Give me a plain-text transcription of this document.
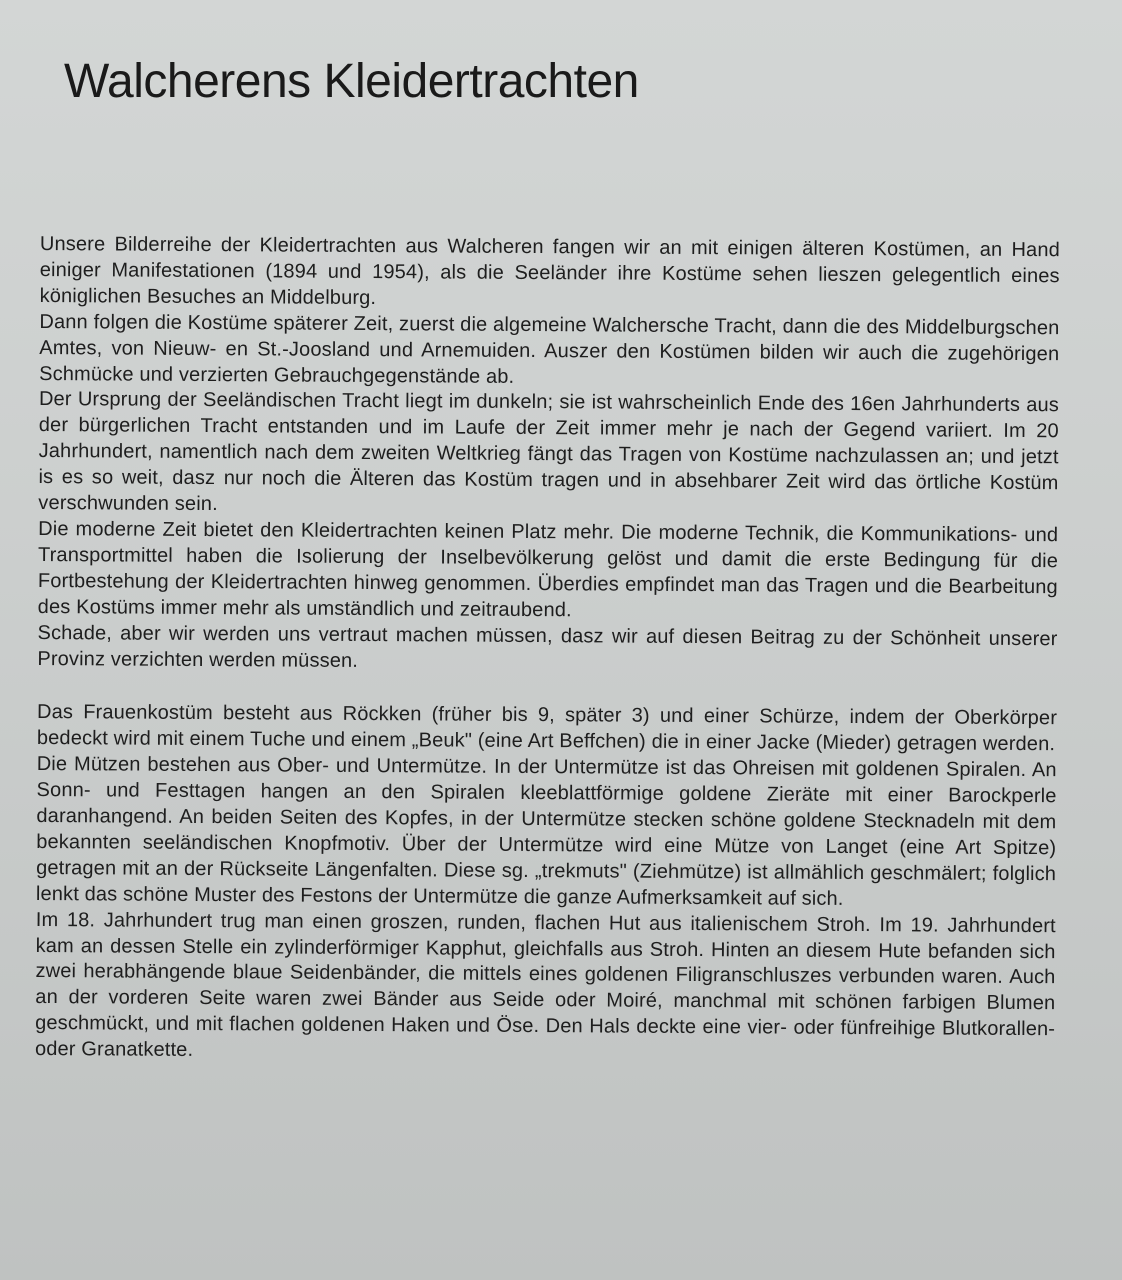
Walcherens Kleidertrachten

Unsere Bilderreihe der Kleidertrachten aus Walcheren fangen wir an mit einigen älteren Kostümen, an Hand einiger Manifestationen (1894 und 1954), als die Seeländer ihre Kostüme sehen lieszen gelegentlich eines königlichen Besuches an Middelburg.

Dann folgen die Kostüme späterer Zeit, zuerst die algemeine Walchersche Tracht, dann die des Middelburgschen Amtes, von Nieuw- en St.-Joosland und Arnemuiden. Auszer den Kostümen bilden wir auch die zugehörigen Schmücke und verzierten Gebrauchgegenstände ab.

Der Ursprung der Seeländischen Tracht liegt im dunkeln; sie ist wahrscheinlich Ende des 16en Jahrhunderts aus der bürgerlichen Tracht entstanden und im Laufe der Zeit immer mehr je nach der Gegend variiert. Im 20 Jahrhundert, namentlich nach dem zweiten Weltkrieg fängt das Tragen von Kostüme nachzulassen an; und jetzt is es so weit, dasz nur noch die Älteren das Kostüm tragen und in absehbarer Zeit wird das örtliche Kostüm verschwunden sein.

Die moderne Zeit bietet den Kleidertrachten keinen Platz mehr. Die moderne Technik, die Kommunikations- und Transportmittel haben die Isolierung der Inselbevölkerung gelöst und damit die erste Bedingung für die Fortbestehung der Kleidertrachten hinweg genommen. Überdies empfindet man das Tragen und die Bearbeitung des Kostüms immer mehr als umständlich und zeitraubend.

Schade, aber wir werden uns vertraut machen müssen, dasz wir auf diesen Beitrag zu der Schönheit unserer Provinz verzichten werden müssen.

Das Frauenkostüm besteht aus Röckken (früher bis 9, später 3) und einer Schürze, indem der Oberkörper bedeckt wird mit einem Tuche und einem „Beuk" (eine Art Beffchen) die in einer Jacke (Mieder) getragen werden.

Die Mützen bestehen aus Ober- und Untermütze. In der Untermütze ist das Ohreisen mit goldenen Spiralen. An Sonn- und Festtagen hangen an den Spiralen kleeblattförmige goldene Zieräte mit einer Barockperle daranhangend. An beiden Seiten des Kopfes, in der Untermütze stecken schöne goldene Stecknadeln mit dem bekannten seeländischen Knopfmotiv. Über der Untermütze wird eine Mütze von Langet (eine Art Spitze) getragen mit an der Rückseite Längenfalten. Diese sg. „trekmuts" (Ziehmütze) ist allmählich geschmälert; folglich lenkt das schöne Muster des Festons der Untermütze die ganze Aufmerksamkeit auf sich.

Im 18. Jahrhundert trug man einen groszen, runden, flachen Hut aus italienischem Stroh. Im 19. Jahrhundert kam an dessen Stelle ein zylinderförmiger Kapphut, gleichfalls aus Stroh. Hinten an diesem Hute befanden sich zwei herabhängende blaue Seidenbänder, die mittels eines goldenen Filigranschluszes verbunden waren. Auch an der vorderen Seite waren zwei Bänder aus Seide oder Moiré, manchmal mit schönen farbigen Blumen geschmückt, und mit flachen goldenen Haken und Öse. Den Hals deckte eine vier- oder fünfreihige Blutkorallen- oder Granatkette.
